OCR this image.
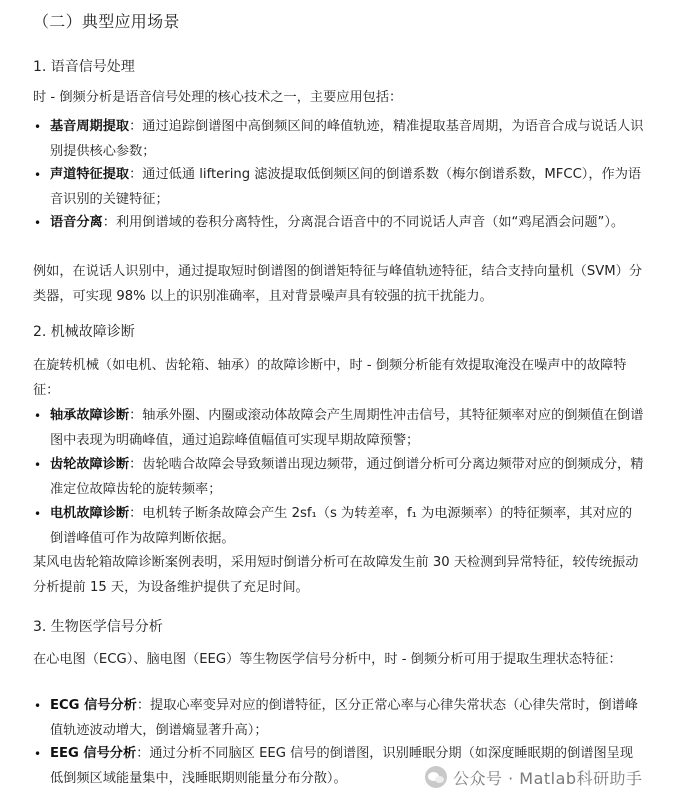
（二）典型应用场景
1. 语音信号处理
时 - 倒频分析是语音信号处理的核心技术之一，主要应用包括：
• 基音周期提取：通过追踪倒谱图中高倒频区间的峰值轨迹，精准提取基音周期，为语音合成与说话人识别提供核心参数；
• 声道特征提取：通过低通 liftering 滤波提取低倒频区间的倒谱系数（梅尔倒谱系数，MFCC），作为语音识别的关键特征；
• 语音分离：利用倒谱域的卷积分离特性，分离混合语音中的不同说话人声音（如“鸡尾酒会问题”）。
例如，在说话人识别中，通过提取短时倒谱图的倒谱矩特征与峰值轨迹特征，结合支持向量机（SVM）分类器，可实现 98% 以上的识别准确率，且对背景噪声具有较强的抗干扰能力。
2. 机械故障诊断
在旋转机械（如电机、齿轮箱、轴承）的故障诊断中，时 - 倒频分析能有效提取淹没在噪声中的故障特征：
• 轴承故障诊断：轴承外圈、内圈或滚动体故障会产生周期性冲击信号，其特征频率对应的倒频值在倒谱图中表现为明确峰值，通过追踪峰值幅值可实现早期故障预警；
• 齿轮故障诊断：齿轮啮合故障会导致频谱出现边频带，通过倒谱分析可分离边频带对应的倒频成分，精准定位故障齿轮的旋转频率；
• 电机故障诊断：电机转子断条故障会产生 2sf₁（s 为转差率，f₁ 为电源频率）的特征频率，其对应的倒谱峰值可作为故障判断依据。
某风电齿轮箱故障诊断案例表明，采用短时倒谱分析可在故障发生前 30 天检测到异常特征，较传统振动分析提前 15 天，为设备维护提供了充足时间。
3. 生物医学信号分析
在心电图（ECG）、脑电图（EEG）等生物医学信号分析中，时 - 倒频分析可用于提取生理状态特征：
• ECG 信号分析：提取心率变异对应的倒谱特征，区分正常心率与心律失常状态（心律失常时，倒谱峰值轨迹波动增大，倒谱熵显著升高）；
• EEG 信号分析：通过分析不同脑区 EEG 信号的倒谱图，识别睡眠分期（如深度睡眠期的倒谱图呈现低倒频区域能量集中，浅睡眠期则能量分布分散）。	公众号 · Matlab科研助手
